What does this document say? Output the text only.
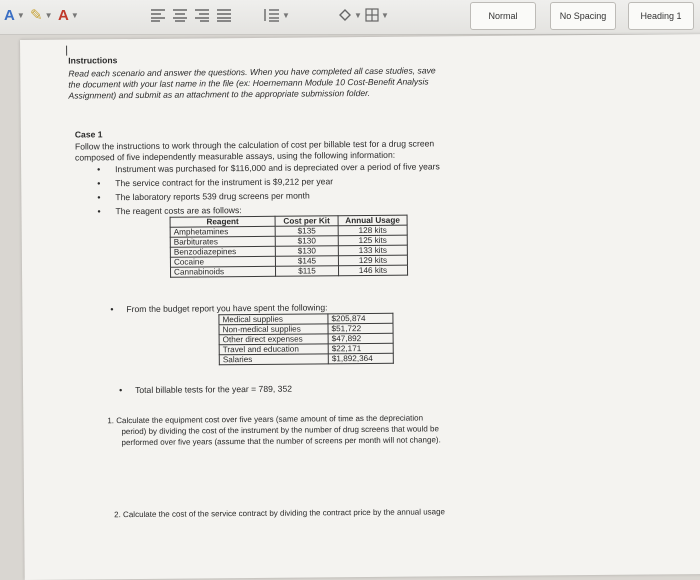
A ▼ ✎ ▼ A ▼	▼	▼ ▼	Normal	No Spacing	Heading 1
Instructions
Read each scenario and answer the questions. When you have completed all case studies, save
the document with your last name in the file (ex: Hoernemann Module 10 Cost-Benefit Analysis
Assignment) and submit as an attachment to the appropriate submission folder.
Case 1
Follow the instructions to work through the calculation of cost per billable test for a drug screen
composed of five independently measurable assays, using the following information:
• Instrument was purchased for $116,000 and is depreciated over a period of five years
• The service contract for the instrument is $9,212 per year
• The laboratory reports 539 drug screens per month
• The reagent costs are as follows:
Reagent	Cost per Kit	Annual Usage
Amphetamines	$135	128 kits
Barbiturates	$130	125 kits
Benzodiazepines	$130	133 kits
Cocaine	$145	129 kits
Cannabinoids	$115	146 kits
• From the budget report you have spent the following:
Medical supplies	$205,874
Non-medical supplies	$51,722
Other direct expenses	$47,892
Travel and education	$22,171
Salaries	$1,892,364
• Total billable tests for the year = 789, 352
1. Calculate the equipment cost over five years (same amount of time as the depreciation
period) by dividing the cost of the instrument by the number of drug screens that would be
performed over five years (assume that the number of screens per month will not change).
2. Calculate the cost of the service contract by dividing the contract price by the annual usage
